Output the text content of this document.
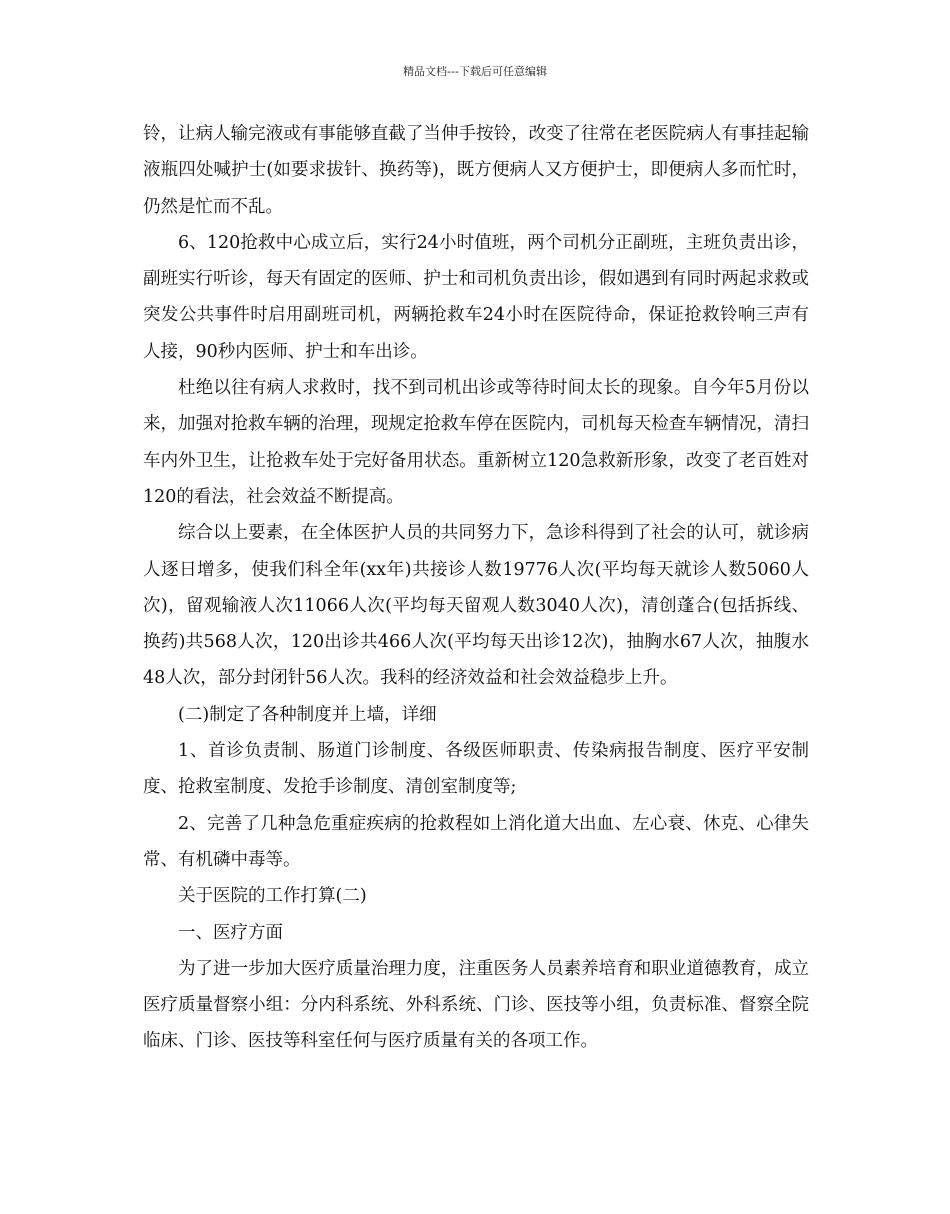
精品文档---下载后可任意编辑

铃，让病人输完液或有事能够直截了当伸手按铃，改变了往常在老医院病人有事挂起输液瓶四处喊护士(如要求拔针、换药等)，既方便病人又方便护士，即便病人多而忙时，仍然是忙而不乱。

6、120抢救中心成立后，实行24小时值班，两个司机分正副班，主班负责出诊，副班实行听诊，每天有固定的医师、护士和司机负责出诊，假如遇到有同时两起求救或突发公共事件时启用副班司机，两辆抢救车24小时在医院待命，保证抢救铃响三声有人接，90秒内医师、护士和车出诊。

杜绝以往有病人求救时，找不到司机出诊或等待时间太长的现象。自今年5月份以来，加强对抢救车辆的治理，现规定抢救车停在医院内，司机每天检查车辆情况，清扫车内外卫生，让抢救车处于完好备用状态。重新树立120急救新形象，改变了老百姓对120的看法，社会效益不断提高。

综合以上要素，在全体医护人员的共同努力下，急诊科得到了社会的认可，就诊病人逐日增多，使我们科全年(xx年)共接诊人数19776人次(平均每天就诊人数5060人次)，留观输液人次11066人次(平均每天留观人数3040人次)，清创蓬合(包括拆线、换药)共568人次，120出诊共466人次(平均每天出诊12次)，抽胸水67人次，抽腹水48人次，部分封闭针56人次。我科的经济效益和社会效益稳步上升。

(二)制定了各种制度并上墙，详细

1、首诊负责制、肠道门诊制度、各级医师职责、传染病报告制度、医疗平安制度、抢救室制度、发抢手诊制度、清创室制度等;

2、完善了几种急危重症疾病的抢救程如上消化道大出血、左心衰、休克、心律失常、有机磷中毒等。

关于医院的工作打算(二)

一、医疗方面

为了进一步加大医疗质量治理力度，注重医务人员素养培育和职业道德教育，成立医疗质量督察小组：分内科系统、外科系统、门诊、医技等小组，负责标准、督察全院临床、门诊、医技等科室任何与医疗质量有关的各项工作。
